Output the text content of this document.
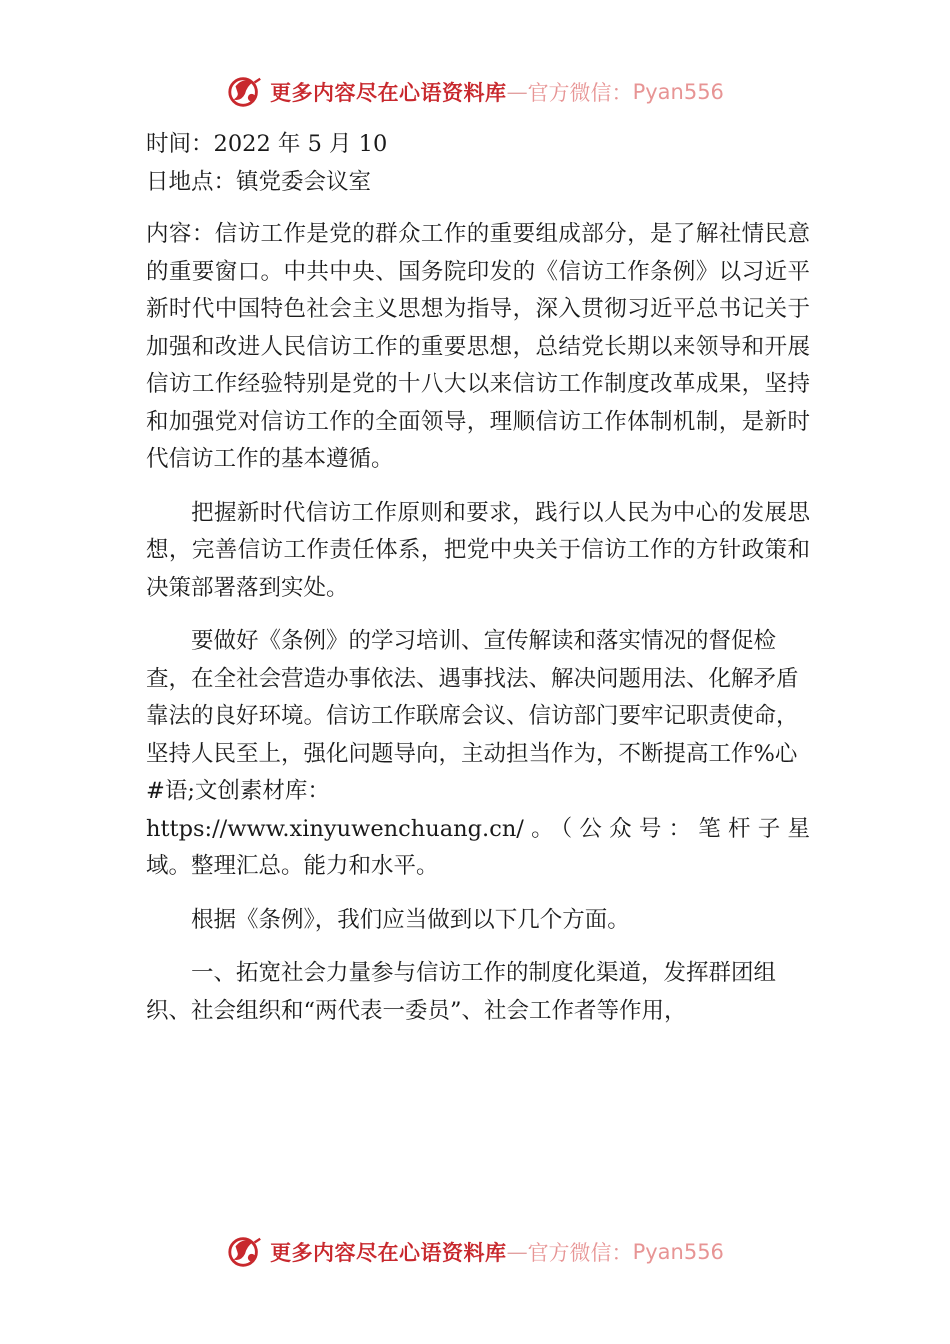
更多内容尽在心语资料库 — 官方微信： Pyan556

时间：2022 年 5 月 10

日地点：镇党委会议室

内容：信访工作是党的群众工作的重要组成部分，是了解社情民意的重要窗口。中共中央、国务院印发的《信访工作条例》以习近平新时代中国特色社会主义思想为指导，深入贯彻习近平总书记关于加强和改进人民信访工作的重要思想，总结党长期以来领导和开展信访工作经验特别是党的十八大以来信访工作制度改革成果，坚持和加强党对信访工作的全面领导，理顺信访工作体制机制，是新时代信访工作的基本遵循。

把握新时代信访工作原则和要求，践行以人民为中心的发展思想，完善信访工作责任体系，把党中央关于信访工作的方针政策和决策部署落到实处。

要做好《条例》的学习培训、宣传解读和落实情况的督促检查，在全社会营造办事依法、遇事找法、解决问题用法、化解矛盾靠法的良好环境。信访工作联席会议、信访部门要牢记职责使命，坚持人民至上，强化问题导向，主动担当作为，不断提高工作%心#语;文创素材库：

https://www.xinyuwenchuang.cn/。（公众号：笔杆子星

域。整理汇总。能力和水平。

根据《条例》，我们应当做到以下几个方面。

一、拓宽社会力量参与信访工作的制度化渠道，发挥群团组织、社会组织和“两代表一委员”、社会工作者等作用，

更多内容尽在心语资料库 — 官方微信： Pyan556
